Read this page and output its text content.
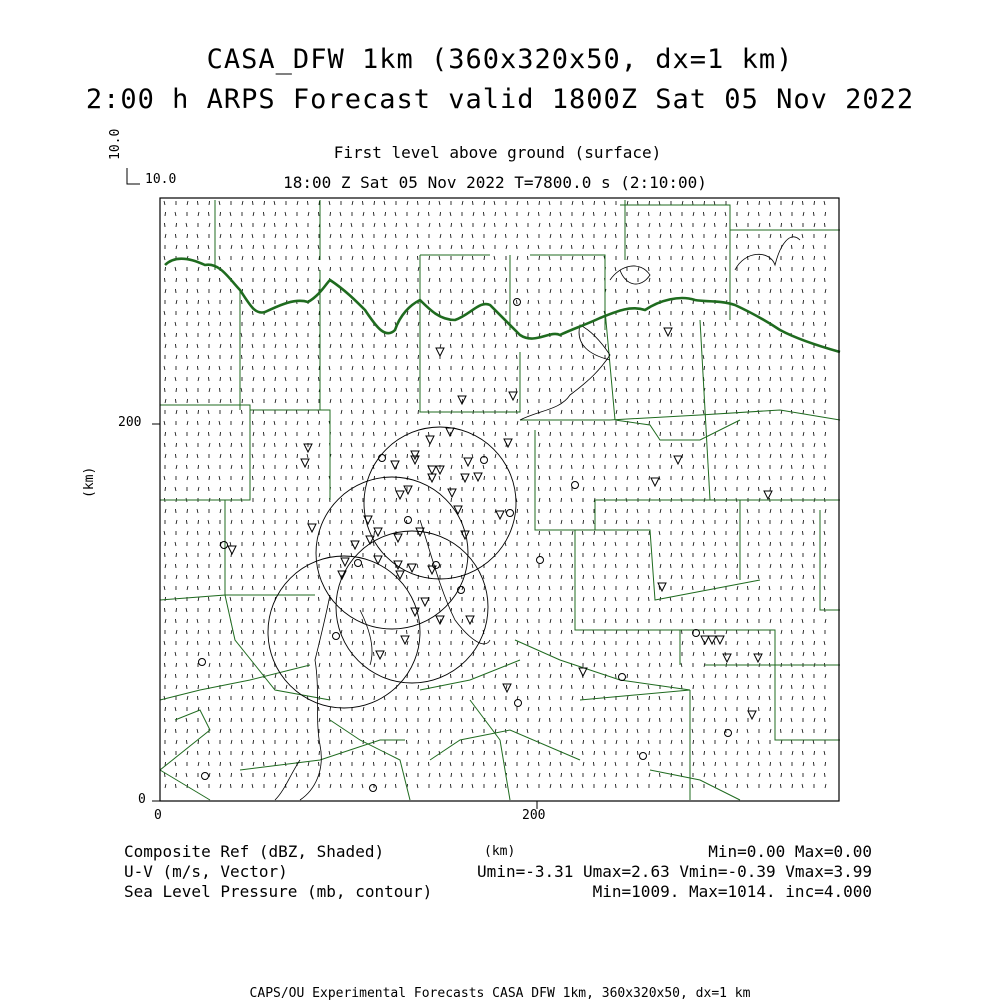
CASA_DFW 1km (360x320x50, dx=1 km)
2:00 h ARPS Forecast valid 1800Z Sat 05 Nov 2022
First level above ground (surface)
18:00 Z Sat 05 Nov 2022 T=7800.0 s (2:10:00)
10.0
10.0
200
0
0	200
(km)
(km)
Composite Ref (dBZ, Shaded)	Min=0.00 Max=0.00
U-V (m/s, Vector)	Umin=-3.31 Umax=2.63 Vmin=-0.39 Vmax=3.99
Sea Level Pressure (mb, contour)	Min=1009. Max=1014. inc=4.000
CAPS/OU Experimental Forecasts CASA DFW 1km, 360x320x50, dx=1 km
